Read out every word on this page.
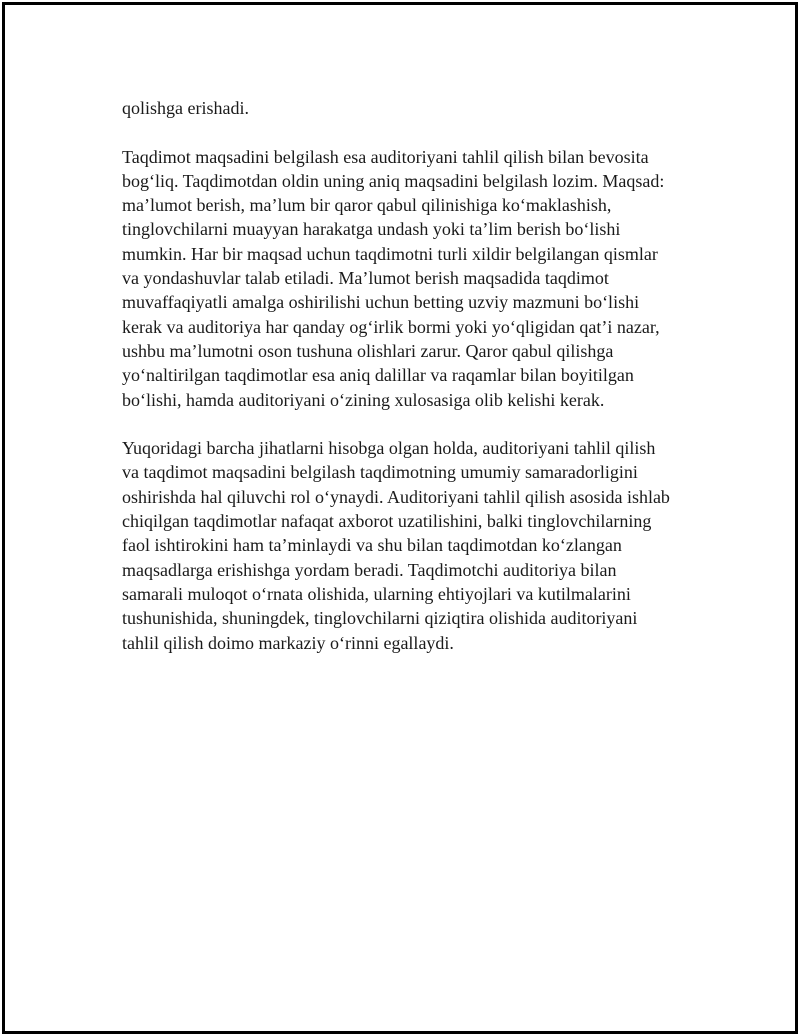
qolishga erishadi.

Taqdimot maqsadini belgilash esa auditoriyani tahlil qilish bilan bevosita
bog‘liq. Taqdimotdan oldin uning aniq maqsadini belgilash lozim. Maqsad:
ma’lumot berish, ma’lum bir qaror qabul qilinishiga ko‘maklashish,
tinglovchilarni muayyan harakatga undash yoki ta’lim berish bo‘lishi
mumkin. Har bir maqsad uchun taqdimotni turli xildir belgilangan qismlar
va yondashuvlar talab etiladi. Ma’lumot berish maqsadida taqdimot
muvaffaqiyatli amalga oshirilishi uchun betting uzviy mazmuni bo‘lishi
kerak va auditoriya har qanday og‘irlik bormi yoki yo‘qligidan qat’i nazar,
ushbu ma’lumotni oson tushuna olishlari zarur. Qaror qabul qilishga
yo‘naltirilgan taqdimotlar esa aniq dalillar va raqamlar bilan boyitilgan
bo‘lishi, hamda auditoriyani o‘zining xulosasiga olib kelishi kerak.

Yuqoridagi barcha jihatlarni hisobga olgan holda, auditoriyani tahlil qilish
va taqdimot maqsadini belgilash taqdimotning umumiy samaradorligini
oshirishda hal qiluvchi rol o‘ynaydi. Auditoriyani tahlil qilish asosida ishlab
chiqilgan taqdimotlar nafaqat axborot uzatilishini, balki tinglovchilarning
faol ishtirokini ham ta’minlaydi va shu bilan taqdimotdan ko‘zlangan
maqsadlarga erishishga yordam beradi. Taqdimotchi auditoriya bilan
samarali muloqot o‘rnata olishida, ularning ehtiyojlari va kutilmalarini
tushunishida, shuningdek, tinglovchilarni qiziqtira olishida auditoriyani
tahlil qilish doimo markaziy o‘rinni egallaydi.
